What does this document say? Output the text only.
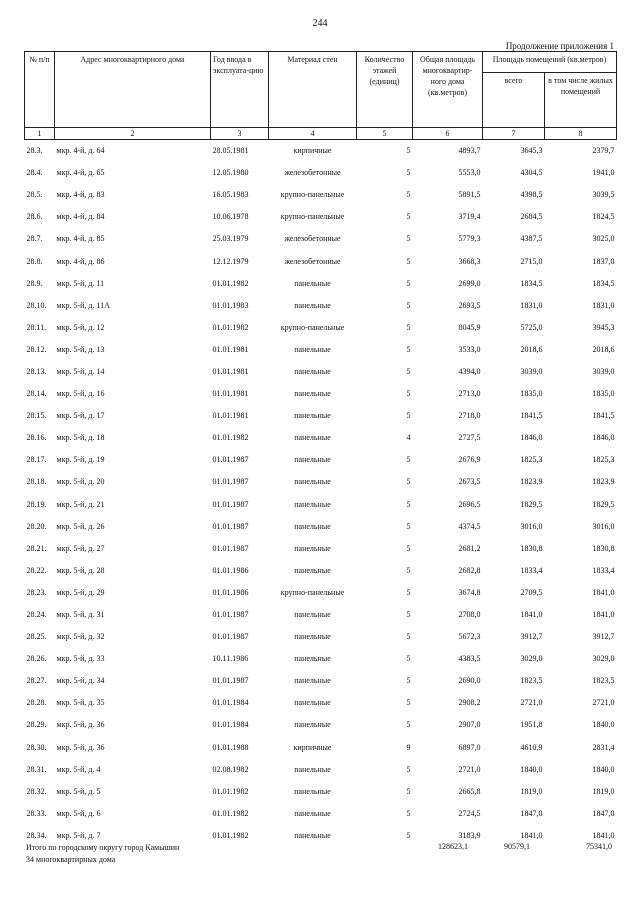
244
Продолжение приложения 1
№ п/п	Адрес многоквартирного дома	Год ввода в эксплуата-цию	Материал стен	Количество этажей (единиц)	Общая площадь многоквартир-ного дома (кв.метров)	Площадь помещений (кв.метров)	
						всего	в том числе жилых помещений
1	2	3	4	5	6	7	8
28.3.	мкр. 4-й, д. 64	28.05.1981	кирпичные	5	4893,7	3645,3	2379,7
28.4.	мкр. 4-й, д. 65	12.05.1980	железобетонные	5	5553,0	4304,5	1941,0
28.5.	мкр. 4-й, д. 83	16.05.1983	крупно-панельные	5	5891,5	4398,5	3039,5
28.6.	мкр. 4-й, д. 84	10.06.1978	крупно-панельные	5	3719,4	2684,5	1824,5
28.7.	мкр. 4-й, д. 85	25.03.1979	железобетонные	5	5779,3	4387,5	3025,0
28.8.	мкр. 4-й, д. 86	12.12.1979	железобетонные	5	3668,3	2715,0	1837,0
28.9.	мкр. 5-й, д. 11	01.01.1982	панельные	5	2699,0	1834,5	1834,5
28.10.	мкр. 5-й, д. 11А	01.01.1983	панельные	5	2693,5	1831,0	1831,0
28.11.	мкр. 5-й, д. 12	01.01.1982	крупно-панельные	5	8045,9	5725,0	3945,3
28.12.	мкр. 5-й, д. 13	01.01.1981	панельные	5	3533,0	2018,6	2018,6
28.13.	мкр. 5-й, д. 14	01.01.1981	панельные	5	4394,0	3039,0	3039,0
28.14.	мкр. 5-й, д. 16	01.01.1981	панельные	5	2713,0	1835,0	1835,0
28.15.	мкр. 5-й, д. 17	01.01.1981	панельные	5	2718,0	1841,5	1841,5
28.16.	мкр. 5-й, д. 18	01.01.1982	панельные	4	2727,5	1846,0	1846,0
28.17.	мкр. 5-й, д. 19	01.01.1987	панельные	5	2676,9	1825,3	1825,3
28.18.	мкр. 5-й, д. 20	01.01.1987	панельные	5	2673,5	1823,9	1823,9
28.19.	мкр. 5-й, д. 21	01.01.1987	панельные	5	2696,5	1829,5	1829,5
28.20.	мкр. 5-й, д. 26	01.01.1987	панельные	5	4374,5	3016,0	3016,0
28.21.	мкр. 5-й, д. 27	01.01.1987	панельные	5	2681,2	1830,8	1830,8
28.22.	мкр. 5-й, д. 28	01.01.1986	панельные	5	2682,8	1833,4	1833,4
28.23.	мкр. 5-й, д. 29	01.01.1986	крупно-панельные	5	3674,8	2709,5	1841,0
28.24.	мкр. 5-й, д. 31	01.01.1987	панельные	5	2708,0	1841,0	1841,0
28.25.	мкр. 5-й, д. 32	01.01.1987	панельные	5	5672,3	3912,7	3912,7
28.26.	мкр. 5-й, д. 33	10.11.1986	панельные	5	4383,5	3029,0	3029,0
28.27.	мкр. 5-й, д. 34	01.01.1987	панельные	5	2690,0	1823,5	1823,5
28.28.	мкр. 5-й, д. 35	01.01.1984	панельные	5	2908,2	2721,0	2721,0
28.29.	мкр. 5-й, д. 36	01.01.1984	панельные	5	2907,0	1951,8	1840,0
28.30.	мкр. 5-й, д. 36	01.01.1988	кирпичные	9	6897,0	4610,9	2831,4
28.31.	мкр. 5-й, д. 4	02.08.1982	панельные	5	2721,0	1840,0	1840,0
28.32.	мкр. 5-й, д. 5	01.01.1982	панельные	5	2665,8	1819,0	1819,0
28.33.	мкр. 5-й, д. 6	01.01.1982	панельные	5	2724,5	1847,0	1847,0
28.34.	мкр. 5-й, д. 7	01.01.1982	панельные	5	3183,9	1841,0	1841,0
Итого по городскому округу город Камышин
34 многоквартирных дома
128623,1	90579,1	75341,0
